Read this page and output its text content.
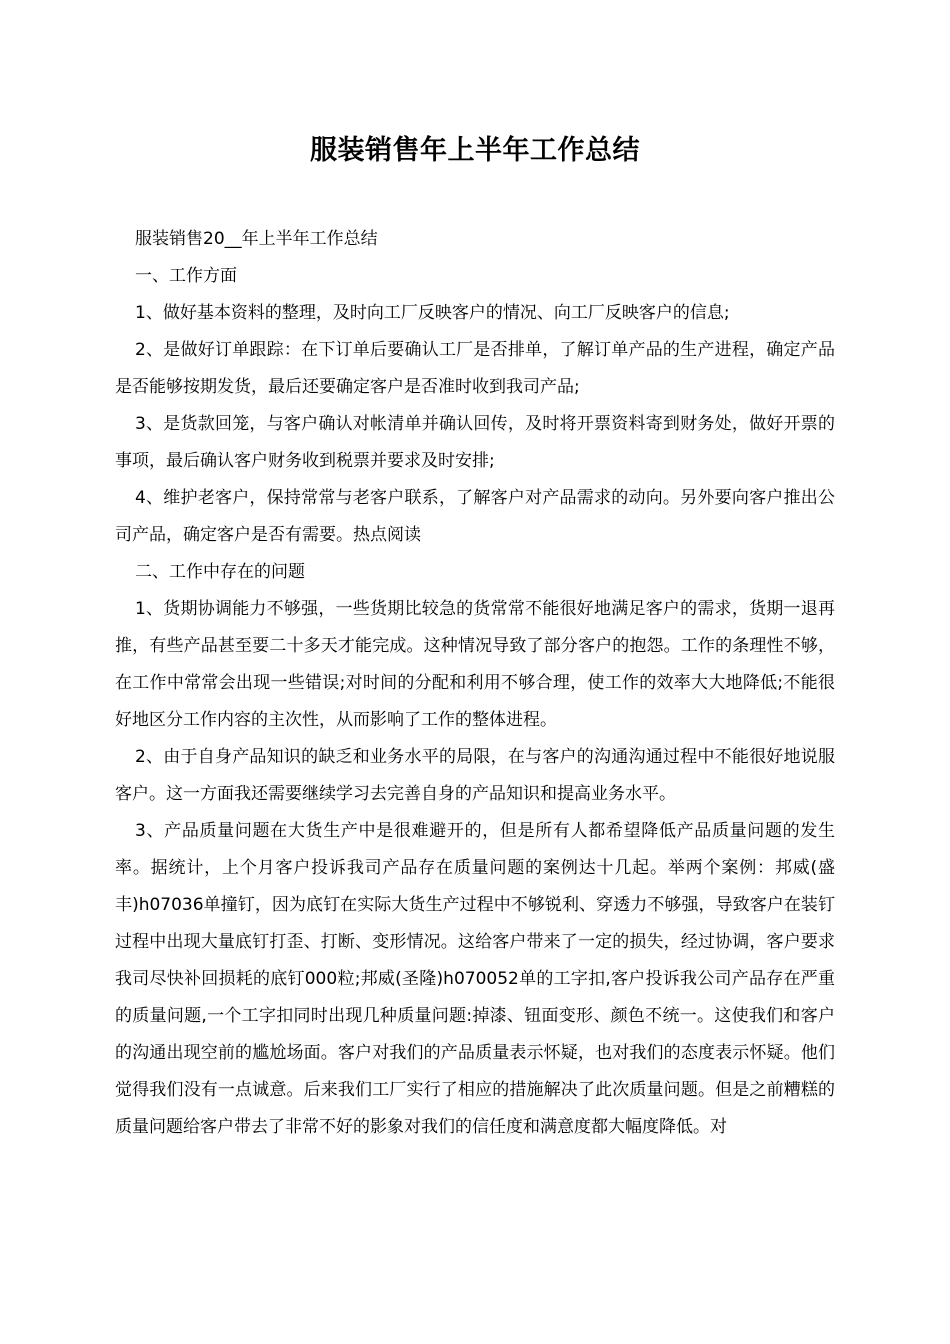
服装销售年上半年工作总结

服装销售20__年上半年工作总结

一、工作方面

1、做好基本资料的整理，及时向工厂反映客户的情况、向工厂反映客户的信息;

2、是做好订单跟踪：在下订单后要确认工厂是否排单，了解订单产品的生产进程，确定产品是否能够按期发货，最后还要确定客户是否准时收到我司产品;

3、是货款回笼，与客户确认对帐清单并确认回传，及时将开票资料寄到财务处，做好开票的事项，最后确认客户财务收到税票并要求及时安排;

4、维护老客户，保持常常与老客户联系，了解客户对产品需求的动向。另外要向客户推出公司产品，确定客户是否有需要。热点阅读

二、工作中存在的问题

1、货期协调能力不够强，一些货期比较急的货常常不能很好地满足客户的需求，货期一退再推，有些产品甚至要二十多天才能完成。这种情况导致了部分客户的抱怨。工作的条理性不够，在工作中常常会出现一些错误;对时间的分配和利用不够合理，使工作的效率大大地降低;不能很好地区分工作内容的主次性，从而影响了工作的整体进程。

2、由于自身产品知识的缺乏和业务水平的局限，在与客户的沟通沟通过程中不能很好地说服客户。这一方面我还需要继续学习去完善自身的产品知识和提高业务水平。

3、产品质量问题在大货生产中是很难避开的，但是所有人都希望降低产品质量问题的发生率。据统计，上个月客户投诉我司产品存在质量问题的案例达十几起。举两个案例：邦威(盛丰)h07036单撞钉，因为底钉在实际大货生产过程中不够锐利、穿透力不够强，导致客户在装钉过程中出现大量底钉打歪、打断、变形情况。这给客户带来了一定的损失，经过协调，客户要求我司尽快补回损耗的底钉000粒;邦威(圣隆)h070052单的工字扣,客户投诉我公司产品存在严重的质量问题,一个工字扣同时出现几种质量问题:掉漆、钮面变形、颜色不统一。这使我们和客户的沟通出现空前的尴尬场面。客户对我们的产品质量表示怀疑，也对我们的态度表示怀疑。他们觉得我们没有一点诚意。后来我们工厂实行了相应的措施解决了此次质量问题。但是之前糟糕的质量问题给客户带去了非常不好的影象对我们的信任度和满意度都大幅度降低。对
